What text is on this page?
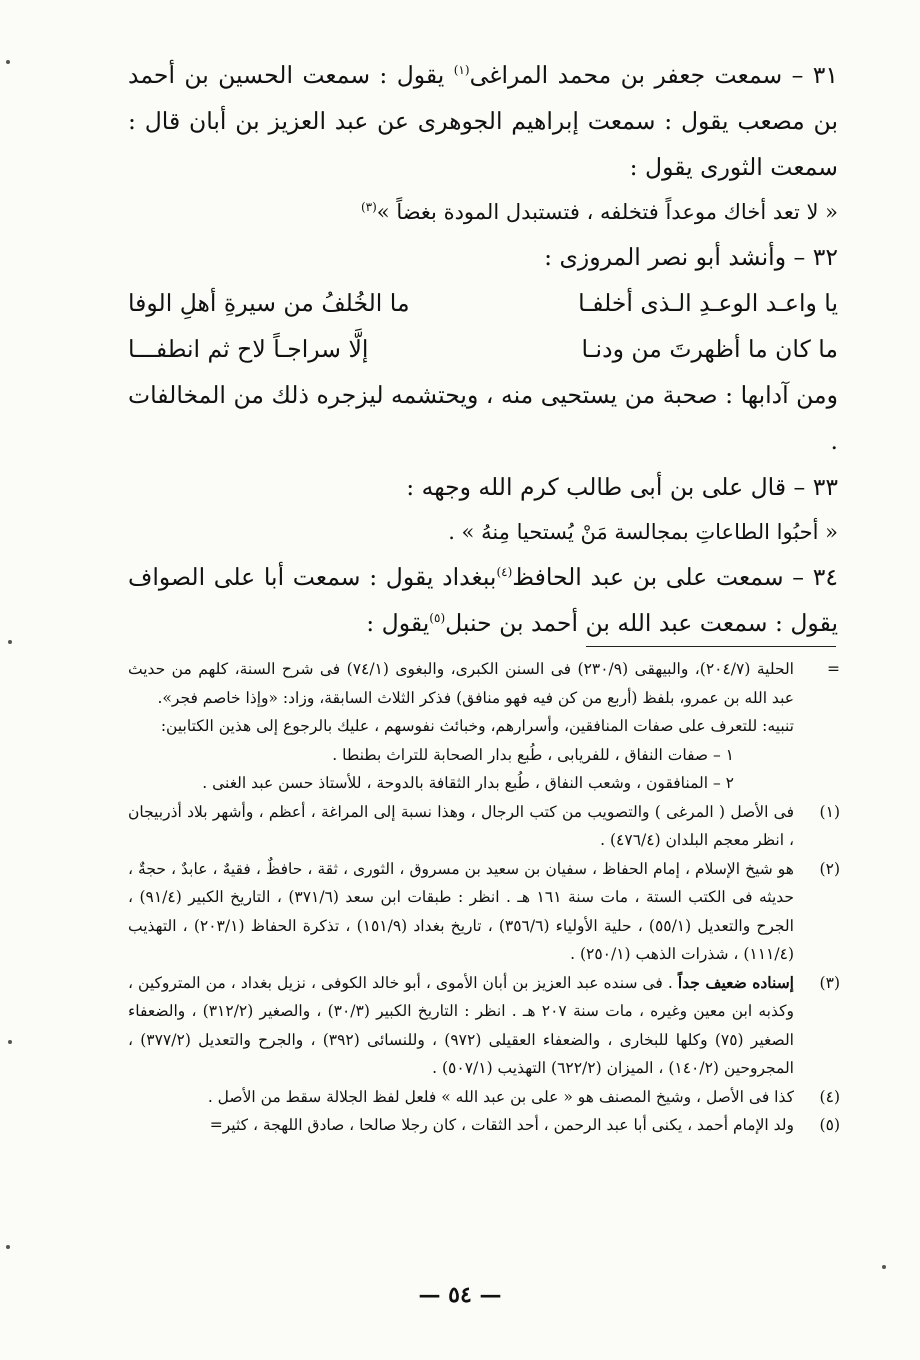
٣١ – سمعت جعفر بن محمد المراغى$^{(١)}$ يقول : سمعت الحسين بن أحمد بن مصعب يقول : سمعت إبراهيم الجوهرى عن عبد العزيز بن أبان قال : سمعت الثورى يقول :

« لا تعد أخاك موعداً فتخلفه ، فتستبدل المودة بغضاً »$^{(٣)}$

٣٢ – وأنشد أبو نصر المروزى :

يا واعـد الوعـدِ الـذى أخلفـا
ما الخُلفُ من سيرةِ أهلِ الوفا
ما كان ما أظهرتَ من ودنـا
إلَّا سراجـاً لاح ثم انطفـــا

ومن آدابها : صحبة من يستحيى منه ، ويحتشمه ليزجره ذلك من المخالفات .

٣٣ – قال على بن أبى طالب كرم الله وجهه :

« أحبُوا الطاعاتِ بمجالسة مَنْ يُستحيا مِنهُ » .

٣٤ – سمعت على بن عبد الحافظ$^{(٤)}$ببغداد يقول : سمعت أبا على الصواف يقول : سمعت عبد الله بن أحمد بن حنبل$^{(٥)}$يقول :

=

الحلية (٢٠٤/٧)، والبيهقى (٢٣٠/٩) فى السنن الكبرى، والبغوى (٧٤/١) فى شرح السنة، كلهم من حديث عبد الله بن عمرو، بلفظ (أربع من كن فيه فهو منافق) فذكر الثلاث السابقة، وزاد: «وإذا خاصم فجر».

تنبيه: للتعرف على صفات المنافقين، وأسرارهم، وخبائث نفوسهم ، عليك بالرجوع إلى هذين الكتابين:

١ – صفات النفاق ، للفريابى ، طُبع بدار الصحابة للتراث بطنطا .

٢ – المنافقون ، وشعب النفاق ، طُبع بدار الثقافة بالدوحة ، للأستاذ حسن عبد الغنى .

(١)
فى الأصل ( المرغى ) والتصويب من كتب الرجال ، وهذا نسبة إلى المراغة ، أعظم ، وأشهر بلاد أذربيجان ، انظر معجم البلدان (٤٧٦/٤) .
(٢)
هو شيخ الإسلام ، إمام الحفاظ ، سفيان بن سعيد بن مسروق ، الثورى ، ثقة ، حافظٌ ، فقيهٌ ، عابدٌ ، حجةٌ ، حديثه فى الكتب الستة ، مات سنة ١٦١ هـ . انظر : طبقات ابن سعد (٣٧١/٦) ، التاريخ الكبير (٩١/٤) ، الجرح والتعديل (٥٥/١) ، حلية الأولياء (٣٥٦/٦) ، تاريخ بغداد (١٥١/٩) ، تذكرة الحفاظ (٢٠٣/١) ، التهذيب (١١١/٤) ، شذرات الذهب (٢٥٠/١) .
(٣)
إسناده ضعيف جداً . فى سنده عبد العزيز بن أبان الأموى ، أبو خالد الكوفى ، نزيل بغداد ، من المتروكين ، وكذبه ابن معين وغيره ، مات سنة ٢٠٧ هـ . انظر : التاريخ الكبير (٣٠/٣) ، والصغير (٣١٢/٢) ، والضعفاء الصغير (٧٥) وكلها للبخارى ، والضعفاء العقيلى (٩٧٢) ، وللنسائى (٣٩٢) ، والجرح والتعديل (٣٧٧/٢) ، المجروحين (١٤٠/٢) ، الميزان (٦٢٢/٢) التهذيب (٥٠٧/١) .
(٤)
كذا فى الأصل ، وشيخ المصنف هو « على بن عبد الله » فلعل لفظ الجلالة سقط من الأصل .
(٥)
ولد الإمام أحمد ، يكنى أبا عبد الرحمن ، أحد الثقات ، كان رجلا صالحا ، صادق اللهجة ، كثير=
— ٥٤ —
